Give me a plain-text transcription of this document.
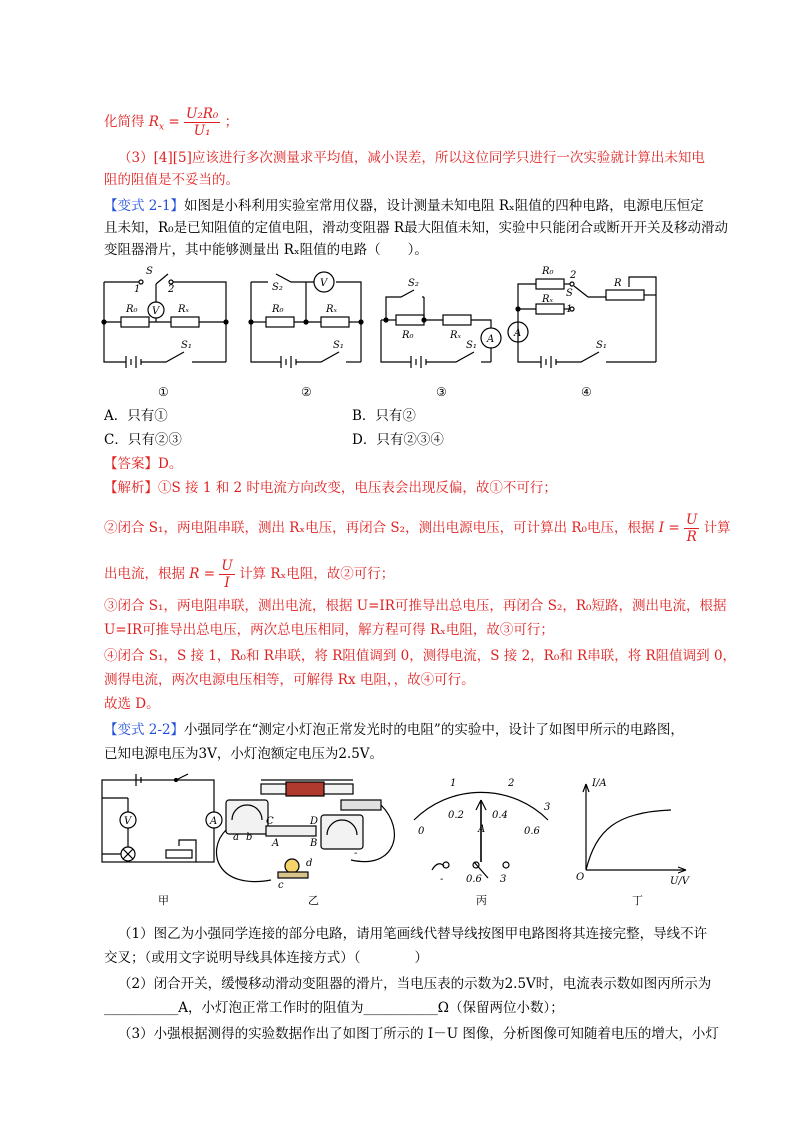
化简得 $R_x = \frac{\text{U₂R₀}}{\text{U₁}}$ ；
（3）[4][5]应该进行多次测量求平均值，减小误差，所以这位同学只进行一次实验就计算出未知电
阻的阻值是不妥当的。
【变式 2-1】如图是小科利用实验室常用仪器，设计测量未知电阻 Rₓ阻值的四种电路，电源电压恒定
且未知，R₀是已知阻值的定值电阻，滑动变阻器 R最大阻值未知，实验中只能闭合或断开开关及移动滑动
变阻器滑片，其中能够测量出 Rₓ阻值的电路（　　）。
S
1	2
R₀ V Rₓ
S₁
S₂	V
R₀	Rₓ
S₁
S₂
R₀	Rₓ	A
S₁
R₀ 2
Rₓ
S
1
R
A
S₁
①	②	③	④
A．只有①	B．只有②
C．只有②③	D．只有②③④
【答案】D。
【解析】①S 接 1 和 2 时电流方向改变，电压表会出现反偏，故①不可行；
②闭合 S₁，两电阻串联，测出 Rₓ电压，再闭合 S₂，测出电源电压，可计算出 R₀电压，根据 $I = \frac{U}{R}$ 计算
出电流，根据 $R = \frac{U}{I}$ 计算 Rₓ电阻，故②可行；
③闭合 S₁，两电阻串联，测出电流，根据 U=IR可推导出总电压，再闭合 S₂，R₀短路，测出电流，根据
U=IR可推导出总电压，两次总电压相同，解方程可得 Rₓ电阻，故③可行；
④闭合 S₁，S 接 1，R₀和 R串联，将 R阻值调到 0，测得电流，S 接 2，R₀和 R串联，将 R阻值调到 0，
测得电流，两次电源电压相等，可解得 Rx 电阻，，故④可行。
故选 D。
【变式 2-2】小强同学在“测定小灯泡正常发光时的电阻”的实验中，设计了如图甲所示的电路图，
已知电源电压为3V，小灯泡额定电压为2.5V。
V	A
a b
C	D
A	B
c
d
-
0
1	2
3
0.2	0.4
0.6
A
- 0.6 3
I/A
U/V
O
甲	乙	丙	丁
（1）图乙为小强同学连接的部分电路，请用笔画线代替导线按图甲电路图将其连接完整，导线不许
交叉；（或用文字说明导线具体连接方式）（　　　　）
（2）闭合开关，缓慢移动滑动变阻器的滑片，当电压表的示数为2.5V时，电流表示数如图丙所示为
___________A，小灯泡正常工作时的阻值为___________Ω（保留两位小数）；
（3）小强根据测得的实验数据作出了如图丁所示的 I－U 图像，分析图像可知随着电压的增大，小灯
